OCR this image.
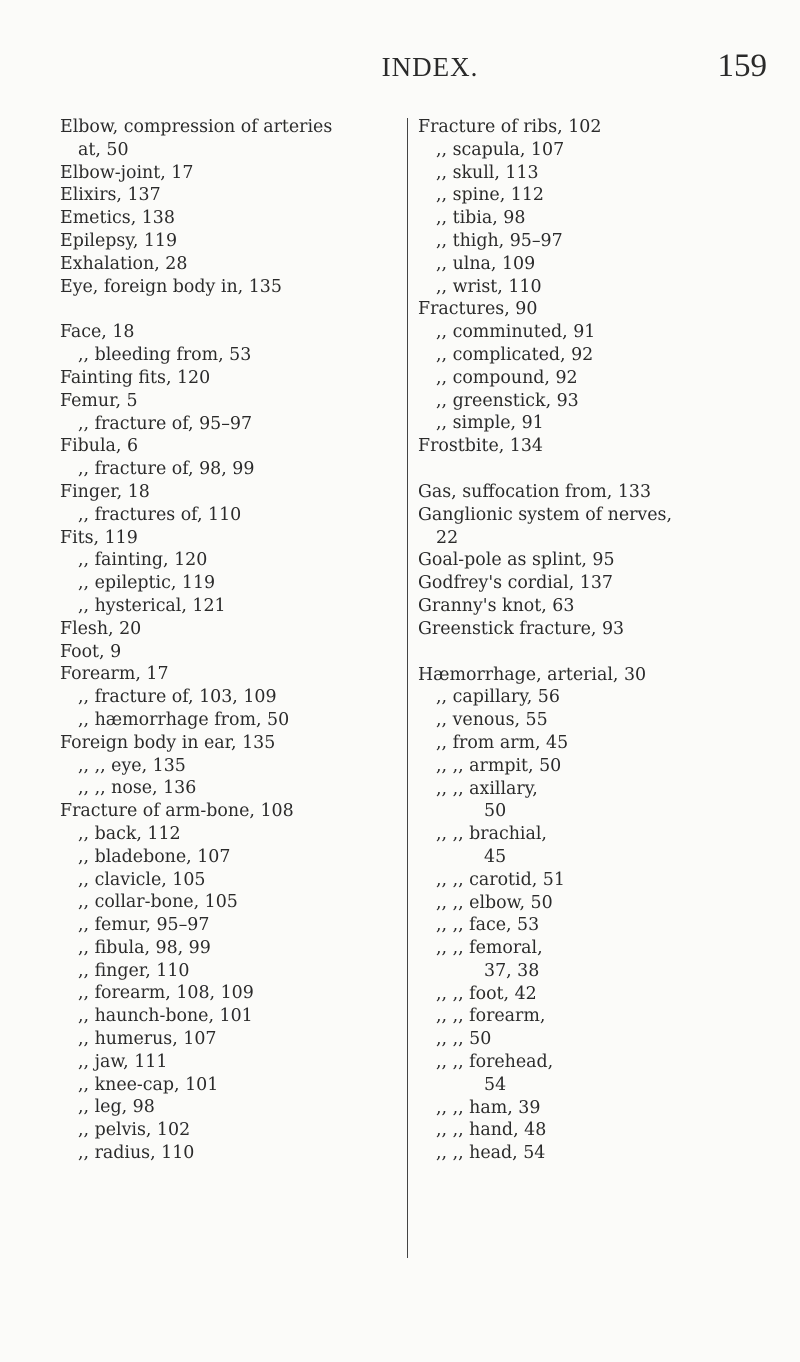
INDEX.	159
Elbow, compression of arteries
at, 50
Elbow-joint, 17
Elixirs, 137
Emetics, 138
Epilepsy, 119
Exhalation, 28
Eye, foreign body in, 135
Face, 18
,, bleeding from, 53
Fainting fits, 120
Femur, 5
,, fracture of, 95–97
Fibula, 6
,, fracture of, 98, 99
Finger, 18
,, fractures of, 110
Fits, 119
,, fainting, 120
,, epileptic, 119
,, hysterical, 121
Flesh, 20
Foot, 9
Forearm, 17
,, fracture of, 103, 109
,, hæmorrhage from, 50
Foreign body in ear, 135
,, ,, eye, 135
,, ,, nose, 136
Fracture of arm-bone, 108
,, back, 112
,, bladebone, 107
,, clavicle, 105
,, collar-bone, 105
,, femur, 95–97
,, fibula, 98, 99
,, finger, 110
,, forearm, 108, 109
,, haunch-bone, 101
,, humerus, 107
,, jaw, 111
,, knee-cap, 101
,, leg, 98
,, pelvis, 102
,, radius, 110
Fracture of ribs, 102
,, scapula, 107
,, skull, 113
,, spine, 112
,, tibia, 98
,, thigh, 95–97
,, ulna, 109
,, wrist, 110
Fractures, 90
,, comminuted, 91
,, complicated, 92
,, compound, 92
,, greenstick, 93
,, simple, 91
Frostbite, 134
Gas, suffocation from, 133
Ganglionic system of nerves,
22
Goal-pole as splint, 95
Godfrey's cordial, 137
Granny's knot, 63
Greenstick fracture, 93
Hæmorrhage, arterial, 30
,, capillary, 56
,, venous, 55
,, from arm, 45
,, ,, armpit, 50
,, ,, axillary,
50
,, ,, brachial,
45
,, ,, carotid, 51
,, ,, elbow, 50
,, ,, face, 53
,, ,, femoral,
37, 38
,, ,, foot, 42
,, ,, forearm,
,, ,, 50
,, ,, forehead,
54
,, ,, ham, 39
,, ,, hand, 48
,, ,, head, 54
